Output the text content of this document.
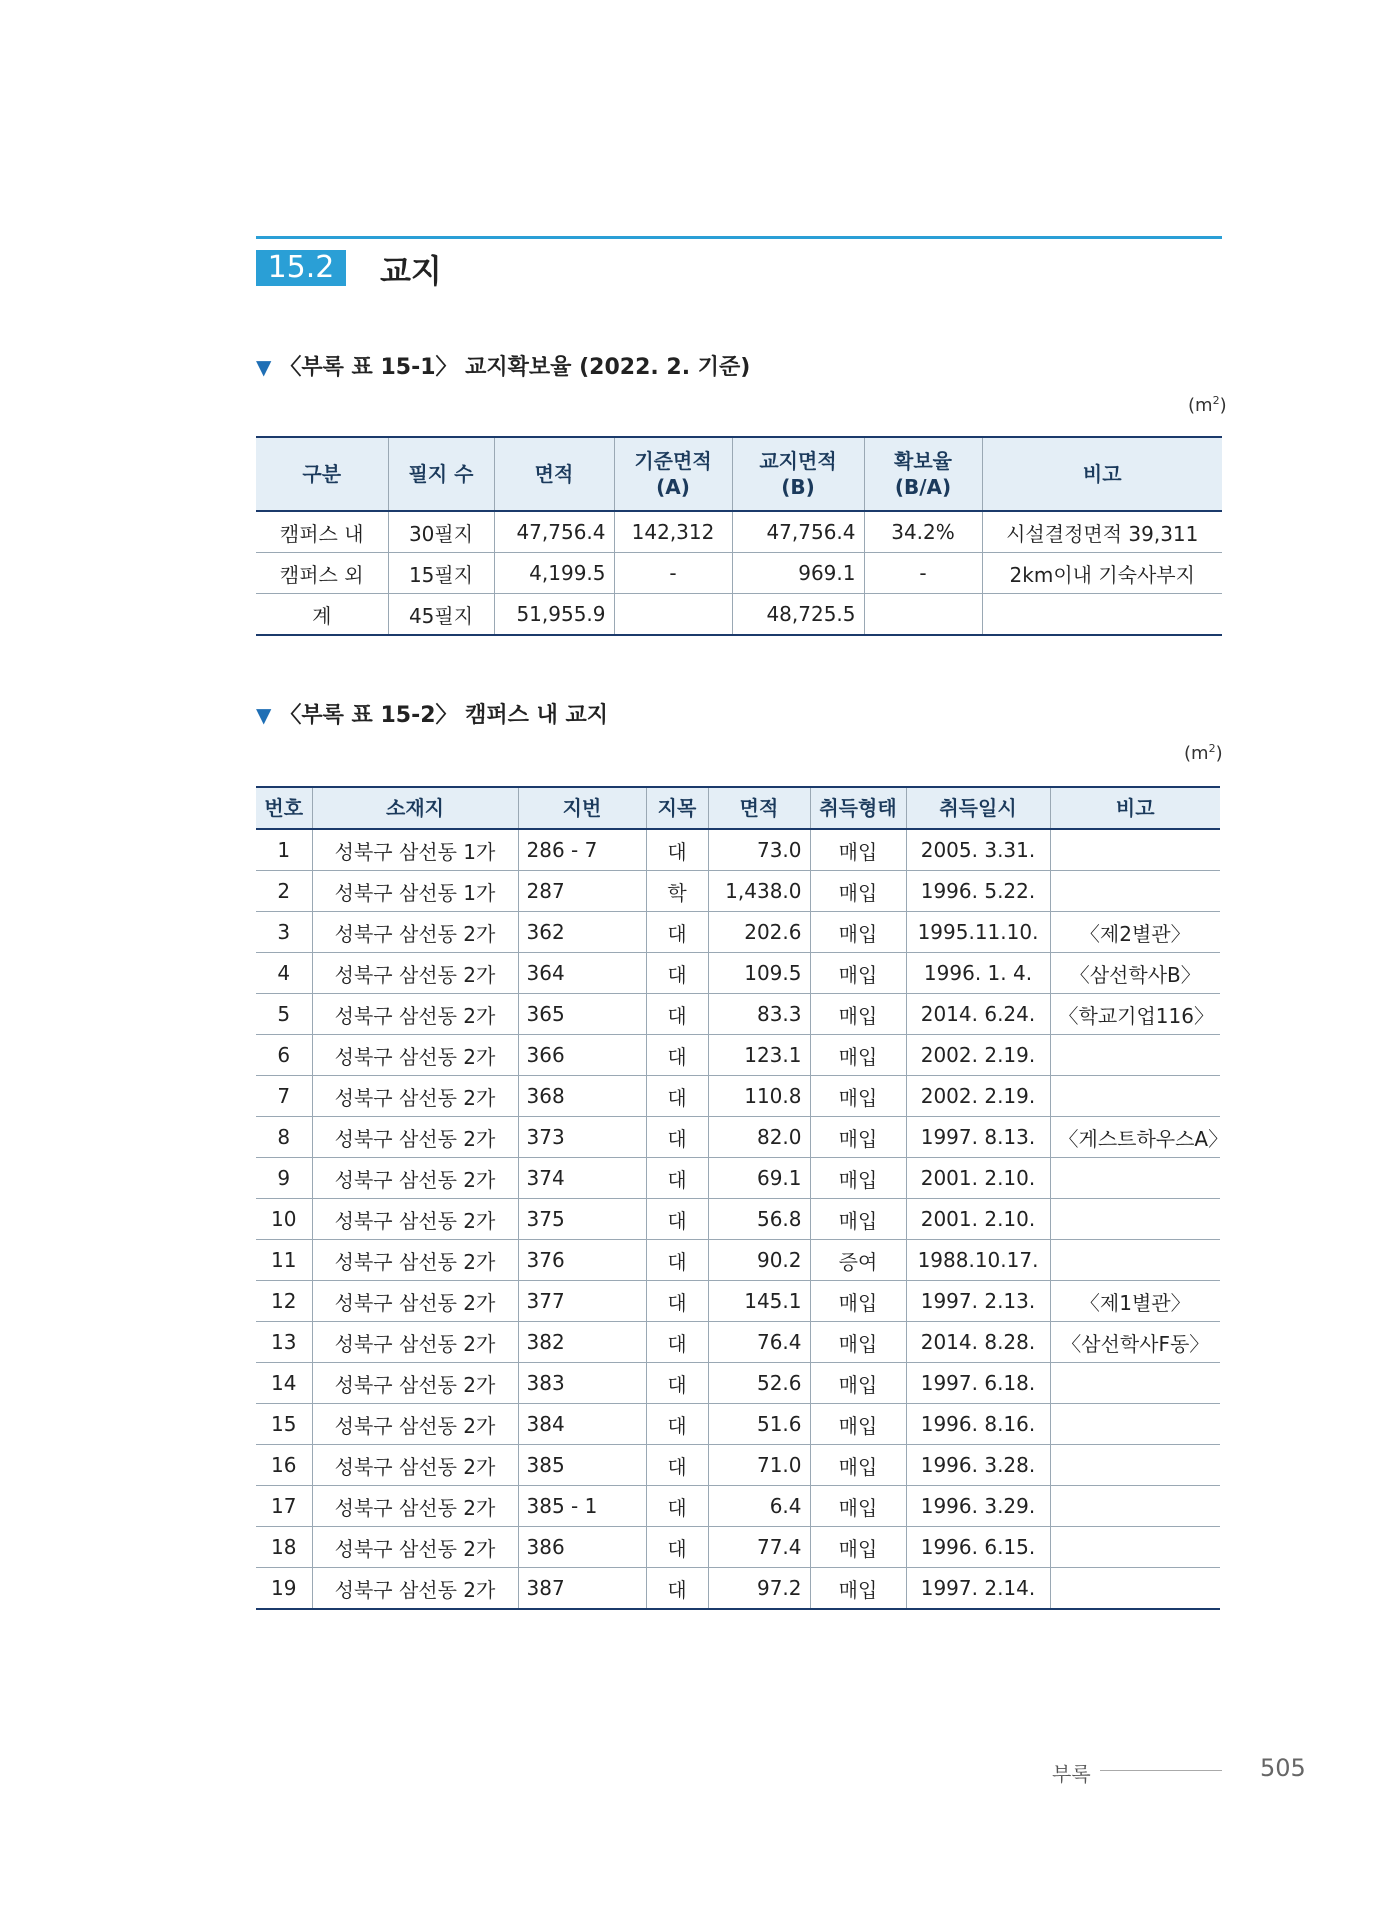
15.2	교지
▼ 〈부록 표 15-1〉 교지확보율 (2022. 2. 기준)
$(m^2)$
구분	필지 수	면적	기준면적 (A)	교지면적 (B)	확보율 (B/A)	비고
캠퍼스 내	30필지	47,756.4	142,312	47,756.4	34.2%	시설결정면적 39,311
캠퍼스 외	15필지	4,199.5	-	969.1	-	2km이내 기숙사부지
계	45필지	51,955.9		48,725.5		
▼ 〈부록 표 15-2〉 캠퍼스 내 교지
$(m^2)$
번호	소재지	지번	지목	면적	취득형태	취득일시	비고
1	성북구 삼선동 1가	286 - 7	대	73.0	매입	2005. 3.31.	
2	성북구 삼선동 1가	287	학	1,438.0	매입	1996. 5.22.	
3	성북구 삼선동 2가	362	대	202.6	매입	1995.11.10.	〈제2별관〉
4	성북구 삼선동 2가	364	대	109.5	매입	1996. 1. 4.	〈삼선학사B〉
5	성북구 삼선동 2가	365	대	83.3	매입	2014. 6.24.	〈학교기업116〉
6	성북구 삼선동 2가	366	대	123.1	매입	2002. 2.19.	
7	성북구 삼선동 2가	368	대	110.8	매입	2002. 2.19.	
8	성북구 삼선동 2가	373	대	82.0	매입	1997. 8.13.	〈게스트하우스A〉
9	성북구 삼선동 2가	374	대	69.1	매입	2001. 2.10.	
10	성북구 삼선동 2가	375	대	56.8	매입	2001. 2.10.	
11	성북구 삼선동 2가	376	대	90.2	증여	1988.10.17.	
12	성북구 삼선동 2가	377	대	145.1	매입	1997. 2.13.	〈제1별관〉
13	성북구 삼선동 2가	382	대	76.4	매입	2014. 8.28.	〈삼선학사F동〉
14	성북구 삼선동 2가	383	대	52.6	매입	1997. 6.18.	
15	성북구 삼선동 2가	384	대	51.6	매입	1996. 8.16.	
16	성북구 삼선동 2가	385	대	71.0	매입	1996. 3.28.	
17	성북구 삼선동 2가	385 - 1	대	6.4	매입	1996. 3.29.	
18	성북구 삼선동 2가	386	대	77.4	매입	1996. 6.15.	
19	성북구 삼선동 2가	387	대	97.2	매입	1997. 2.14.	
부록	505
